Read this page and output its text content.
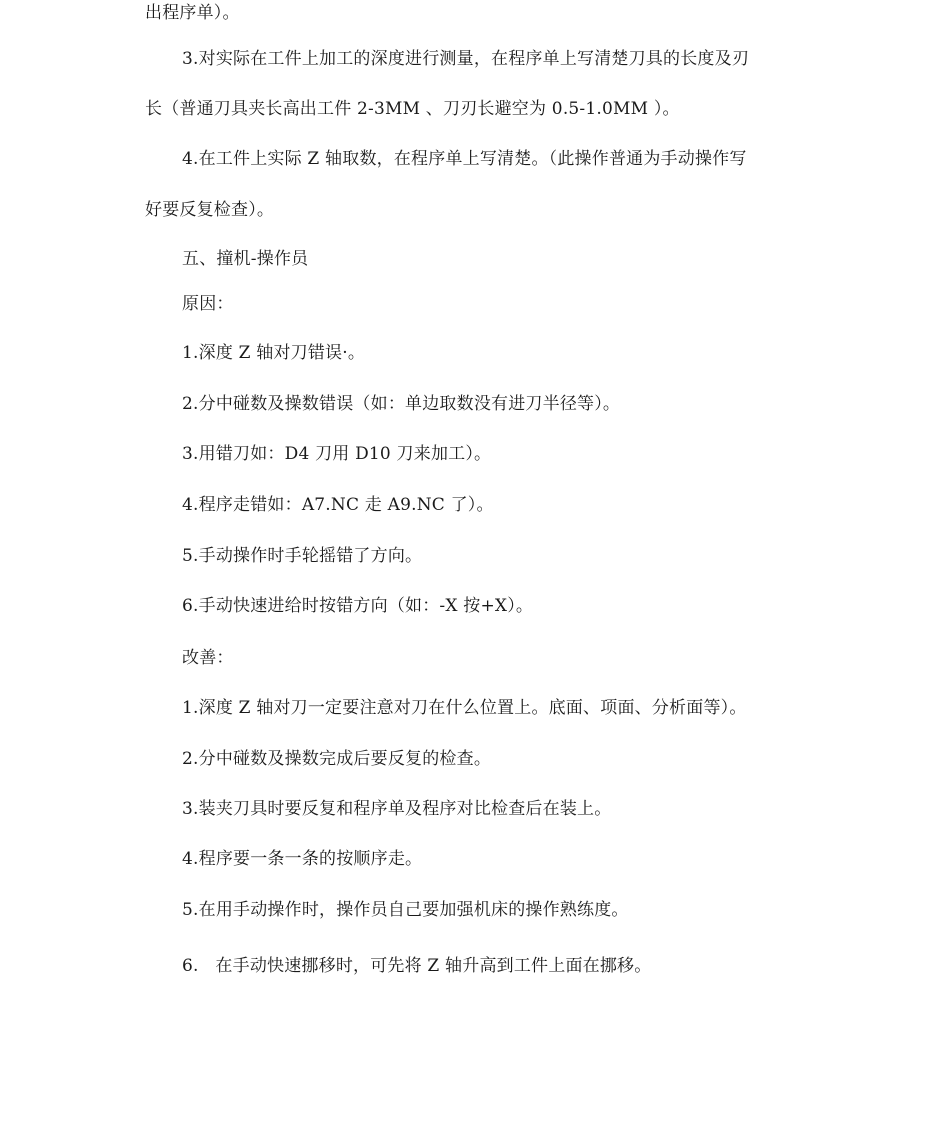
出程序单）。
3.对实际在工件上加工的深度进行测量，在程序单上写清楚刀具的长度及刃
长（普通刀具夹长高出工件 2-3MM 、刀刃长避空为 0.5-1.0MM ）。
4.在工件上实际 Z 轴取数，在程序单上写清楚。（此操作普通为手动操作写
好要反复检查）。
五、撞机-操作员
原因：
1.深度 Z 轴对刀错误·。
2.分中碰数及操数错误（如：单边取数没有进刀半径等）。
3.用错刀如：D4 刀用 D10 刀来加工）。
4.程序走错如：A7.NC 走 A9.NC 了）。
5.手动操作时手轮摇错了方向。
6.手动快速进给时按错方向（如：-X 按+X）。
改善：
1.深度 Z 轴对刀一定要注意对刀在什么位置上。底面、项面、分析面等）。
2.分中碰数及操数完成后要反复的检查。
3.装夹刀具时要反复和程序单及程序对比检查后在装上。
4.程序要一条一条的按顺序走。
5.在用手动操作时，操作员自己要加强机床的操作熟练度。
6.   在手动快速挪移时，可先将 Z 轴升高到工件上面在挪移。
